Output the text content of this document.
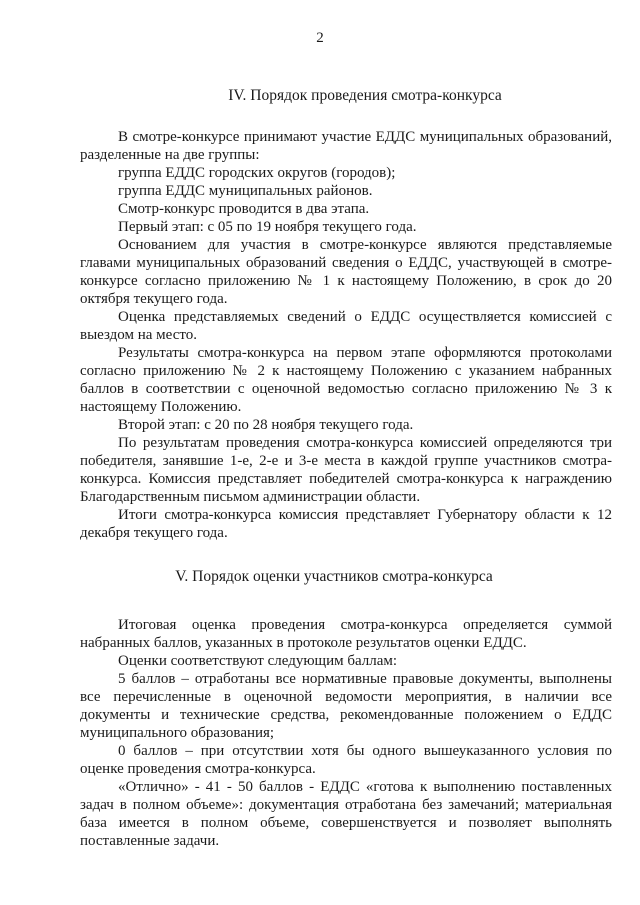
2
IV. Порядок проведения смотра-конкурса

В смотре-конкурсе принимают участие ЕДДС муниципальных образований, разделенные на две группы:

группа ЕДДС городских округов (городов);

группа ЕДДС муниципальных районов.

Смотр-конкурс проводится в два этапа.

Первый этап: с 05 по 19 ноября текущего года.

Основанием для участия в смотре-конкурсе являются представляемые главами муниципальных образований сведения о ЕДДС, участвующей в смотре-конкурсе согласно приложению № 1 к настоящему Положению, в срок до 20 октября текущего года.

Оценка представляемых сведений о ЕДДС осуществляется комиссией с выездом на место.

Результаты смотра-конкурса на первом этапе оформляются протоколами согласно приложению № 2 к настоящему Положению с указанием набранных баллов в соответствии с оценочной ведомостью согласно приложению № 3 к настоящему Положению.

Второй этап: с 20 по 28 ноября текущего года.

По результатам проведения смотра-конкурса комиссией определяются три победителя, занявшие 1-е, 2-е и 3-е места в каждой группе участников смотра-конкурса. Комиссия представляет победителей смотра-конкурса к награждению Благодарственным письмом администрации области.

Итоги смотра-конкурса комиссия представляет Губернатору области к 12 декабря текущего года.

V. Порядок оценки участников смотра-конкурса

Итоговая оценка проведения смотра-конкурса определяется суммой набранных баллов, указанных в протоколе результатов оценки ЕДДС.

Оценки соответствуют следующим баллам:

5 баллов – отработаны все нормативные правовые документы, выполнены все перечисленные в оценочной ведомости мероприятия, в наличии все документы и технические средства, рекомендованные положением о ЕДДС муниципального образования;

0 баллов – при отсутствии хотя бы одного вышеуказанного условия по оценке проведения смотра-конкурса.

«Отлично» - 41 - 50 баллов - ЕДДС «готова к выполнению поставленных задач в полном объеме»: документация отработана без замечаний; материальная база имеется в полном объеме, совершенствуется и позволяет выполнять поставленные задачи.
